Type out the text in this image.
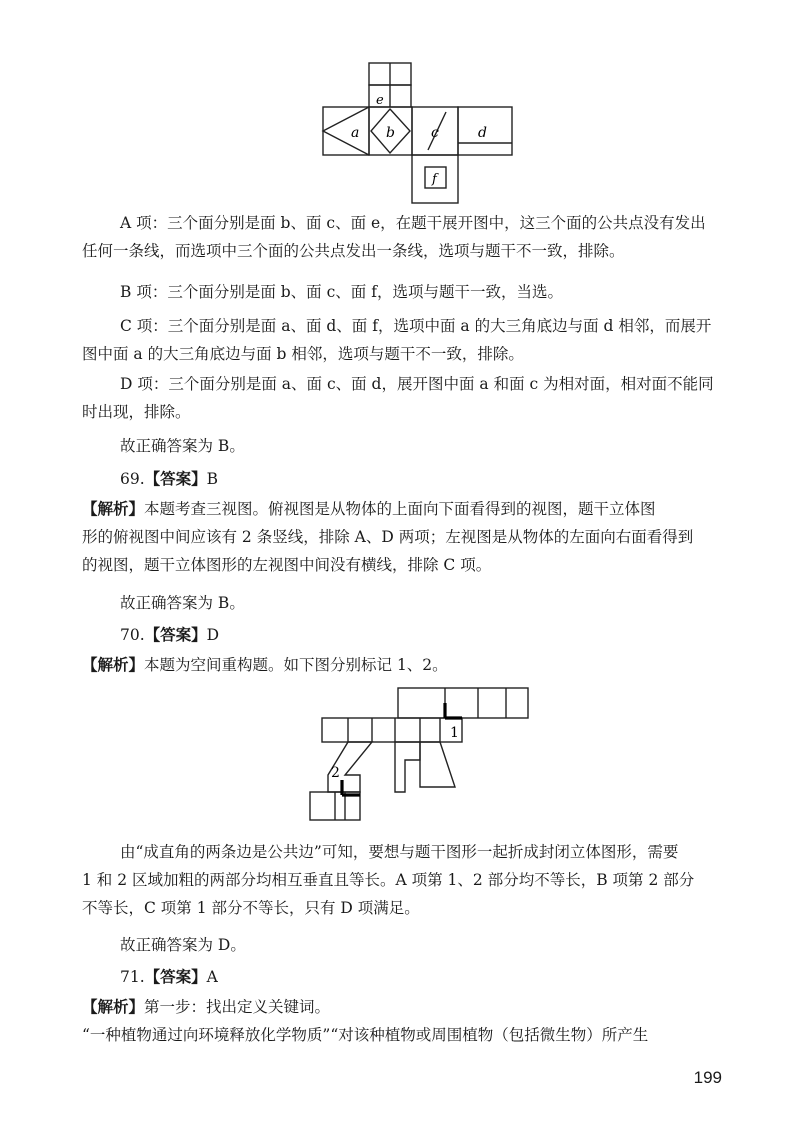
e
a b	c	d
f

A 项：三个面分别是面 b、面 c、面 e，在题干展开图中，这三个面的公共点没有发出
任何一条线，而选项中三个面的公共点发出一条线，选项与题干不一致，排除。

B 项：三个面分别是面 b、面 c、面 f，选项与题干一致，当选。

C 项：三个面分别是面 a、面 d、面 f，选项中面 a 的大三角底边与面 d 相邻，而展开
图中面 a 的大三角底边与面 b 相邻，选项与题干不一致，排除。

D 项：三个面分别是面 a、面 c、面 d，展开图中面 a 和面 c 为相对面，相对面不能同
时出现，排除。

故正确答案为 B。

69.【答案】B

【解析】本题考查三视图。俯视图是从物体的上面向下面看得到的视图，题干立体图
形的俯视图中间应该有 2 条竖线，排除 A、D 两项；左视图是从物体的左面向右面看得到
的视图，题干立体图形的左视图中间没有横线，排除 C 项。

故正确答案为 B。

70.【答案】D

【解析】本题为空间重构题。如下图分别标记 1、2。

1
2

由“成直角的两条边是公共边”可知，要想与题干图形一起折成封闭立体图形，需要
1 和 2 区域加粗的两部分均相互垂直且等长。A 项第 1、2 部分均不等长，B 项第 2 部分
不等长，C 项第 1 部分不等长，只有 D 项满足。

故正确答案为 D。

71.【答案】A

【解析】第一步：找出定义关键词。
“一种植物通过向环境释放化学物质”“对该种植物或周围植物（包括微生物）所产生

199
